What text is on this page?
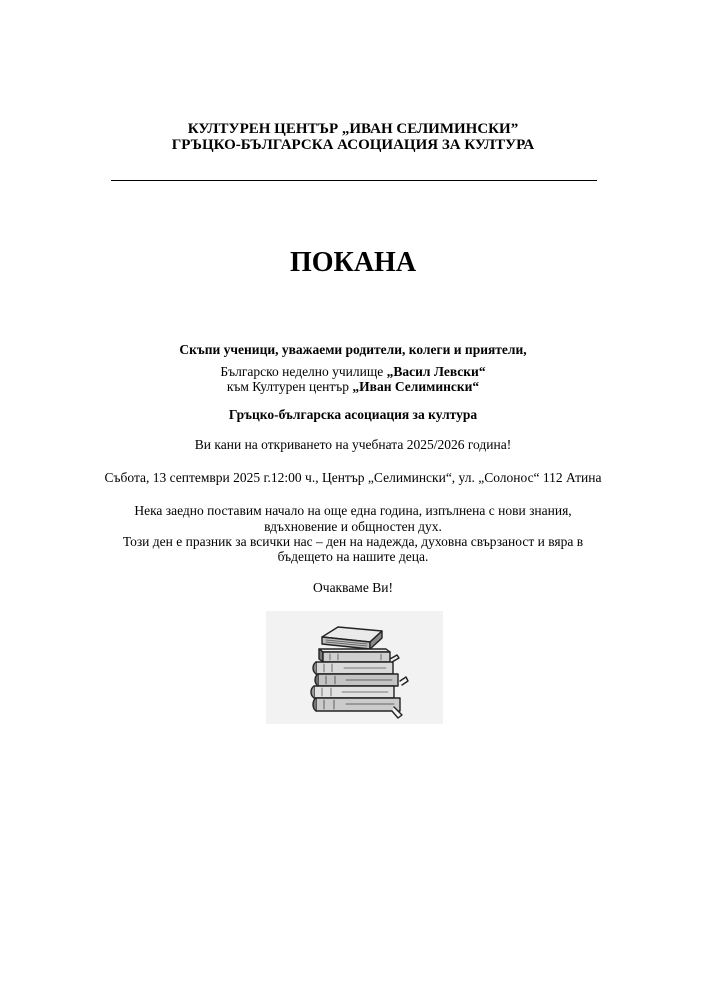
КУЛТУРЕН ЦЕНТЪР „ИВАН СЕЛИМИНСКИ”
ГРЪЦКО-БЪЛГАРСКА АСОЦИАЦИЯ ЗА КУЛТУРА
ПОКАНА
Скъпи ученици, уважаеми родители, колеги и приятели,
Българско неделно училище „Васил Левски“
към Културен център „Иван Селимински“
Гръцко-българска асоциация за култура
Ви кани на откриването на учебната 2025/2026 година!
Събота, 13 септември 2025 г.12:00 ч., Център „Селимински“, ул. „Солонос“ 112 Атина
Нека заедно поставим начало на още една година, изпълнена с нови знания,
вдъхновение и общностен дух.
Този ден е празник за всички нас – ден на надежда, духовна свързаност и вяра в
бъдещето на нашите деца.
Очакваме Ви!
